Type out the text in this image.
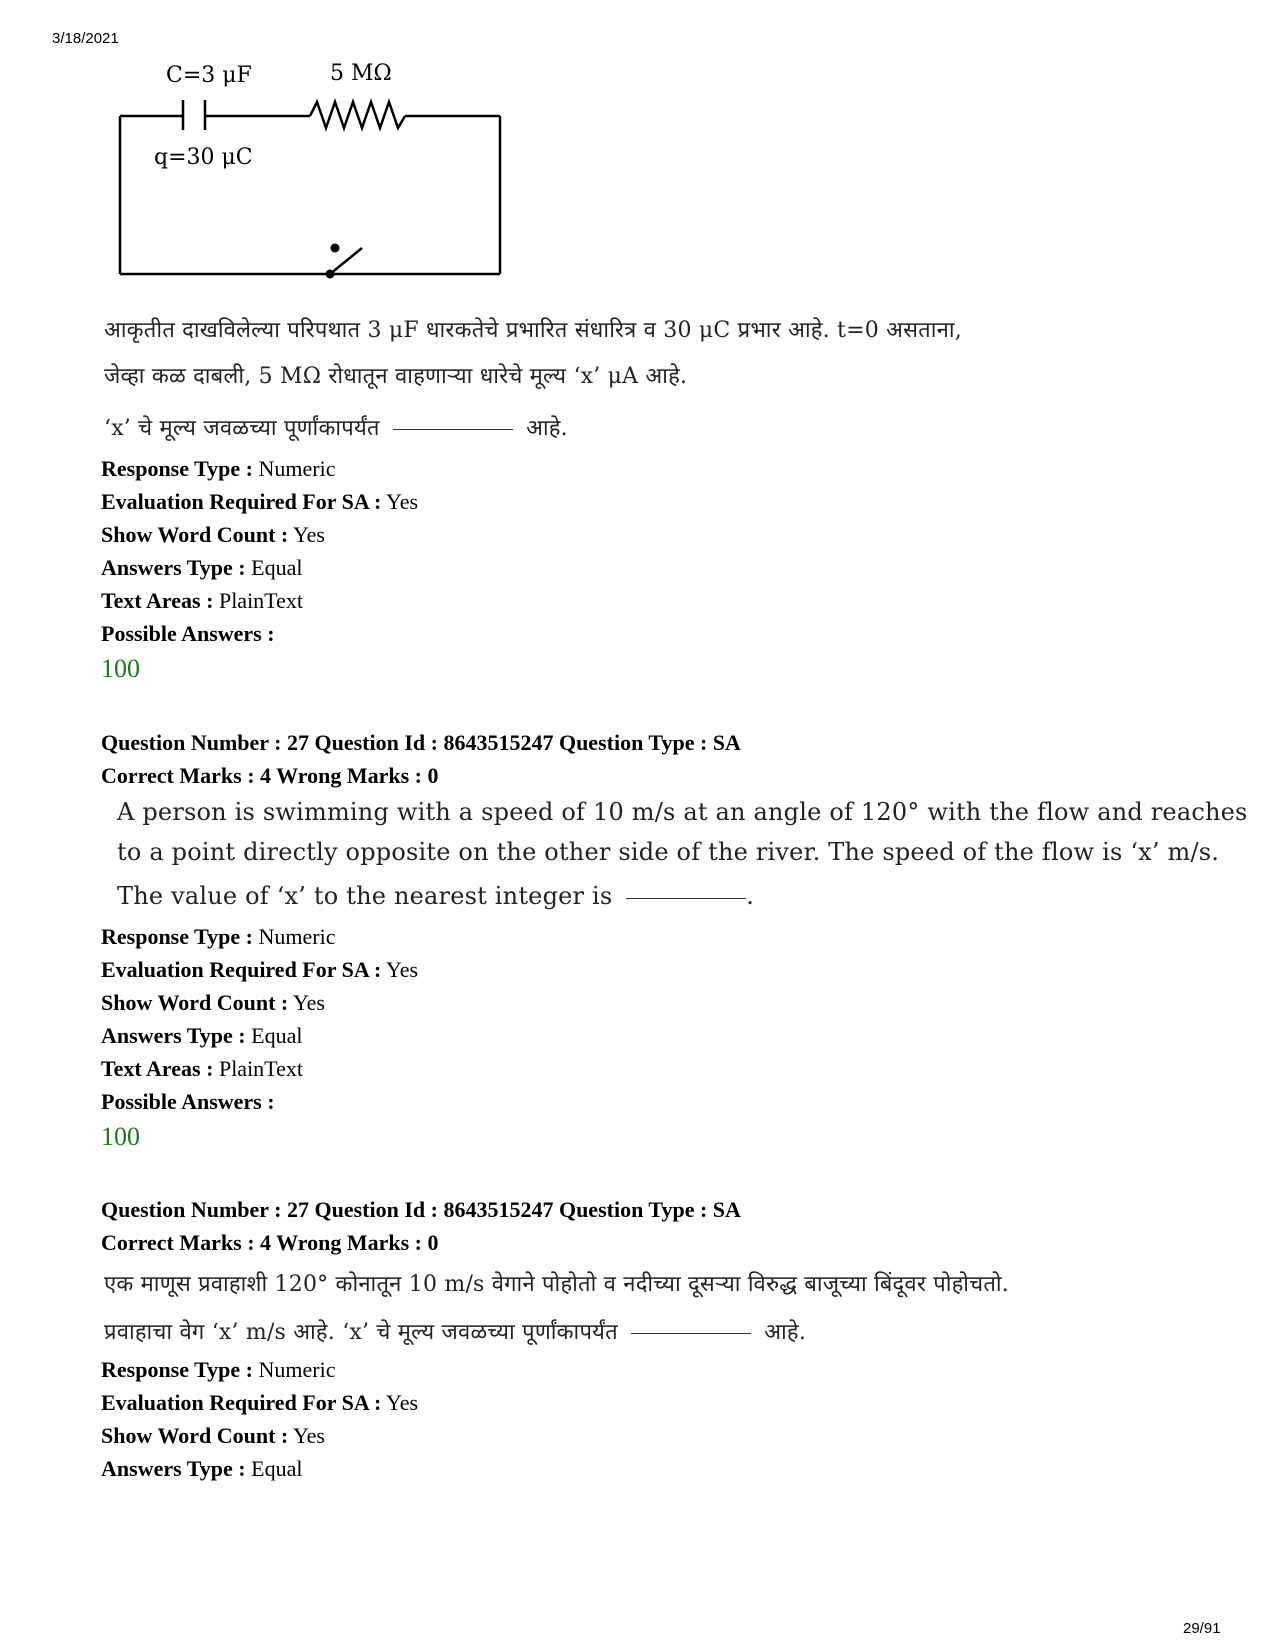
3/18/2021
C=3 μF	5 MΩ
q=30 μC
आकृतीत दाखविलेल्या परिपथात 3 μF धारकतेचे प्रभारित संधारित्र व 30 μC प्रभार आहे. t=0 असताना,
जेव्हा कळ दाबली, 5 MΩ रोधातून वाहणाऱ्या धारेचे मूल्य ‘x’ μA आहे.
‘x’ चे मूल्य जवळच्या पूर्णांकापर्यंत	आहे.
Response Type : Numeric
Evaluation Required For SA : Yes
Show Word Count : Yes
Answers Type : Equal
Text Areas : PlainText
Possible Answers :
100
Question Number : 27 Question Id : 8643515247 Question Type : SA
Correct Marks : 4 Wrong Marks : 0
A person is swimming with a speed of 10 m/s at an angle of 120° with the flow and reaches
to a point directly opposite on the other side of the river. The speed of the flow is ‘x’ m/s.
The value of ‘x’ to the nearest integer is	.
Response Type : Numeric
Evaluation Required For SA : Yes
Show Word Count : Yes
Answers Type : Equal
Text Areas : PlainText
Possible Answers :
100
Question Number : 27 Question Id : 8643515247 Question Type : SA
Correct Marks : 4 Wrong Marks : 0
एक माणूस प्रवाहाशी 120° कोनातून 10 m/s वेगाने पोहोतो व नदीच्या दूसऱ्या विरुद्ध बाजूच्या बिंदूवर पोहोचतो.
प्रवाहाचा वेग ‘x’ m/s आहे. ‘x’ चे मूल्य जवळच्या पूर्णांकापर्यंत	आहे.
Response Type : Numeric
Evaluation Required For SA : Yes
Show Word Count : Yes
Answers Type : Equal
29/91
